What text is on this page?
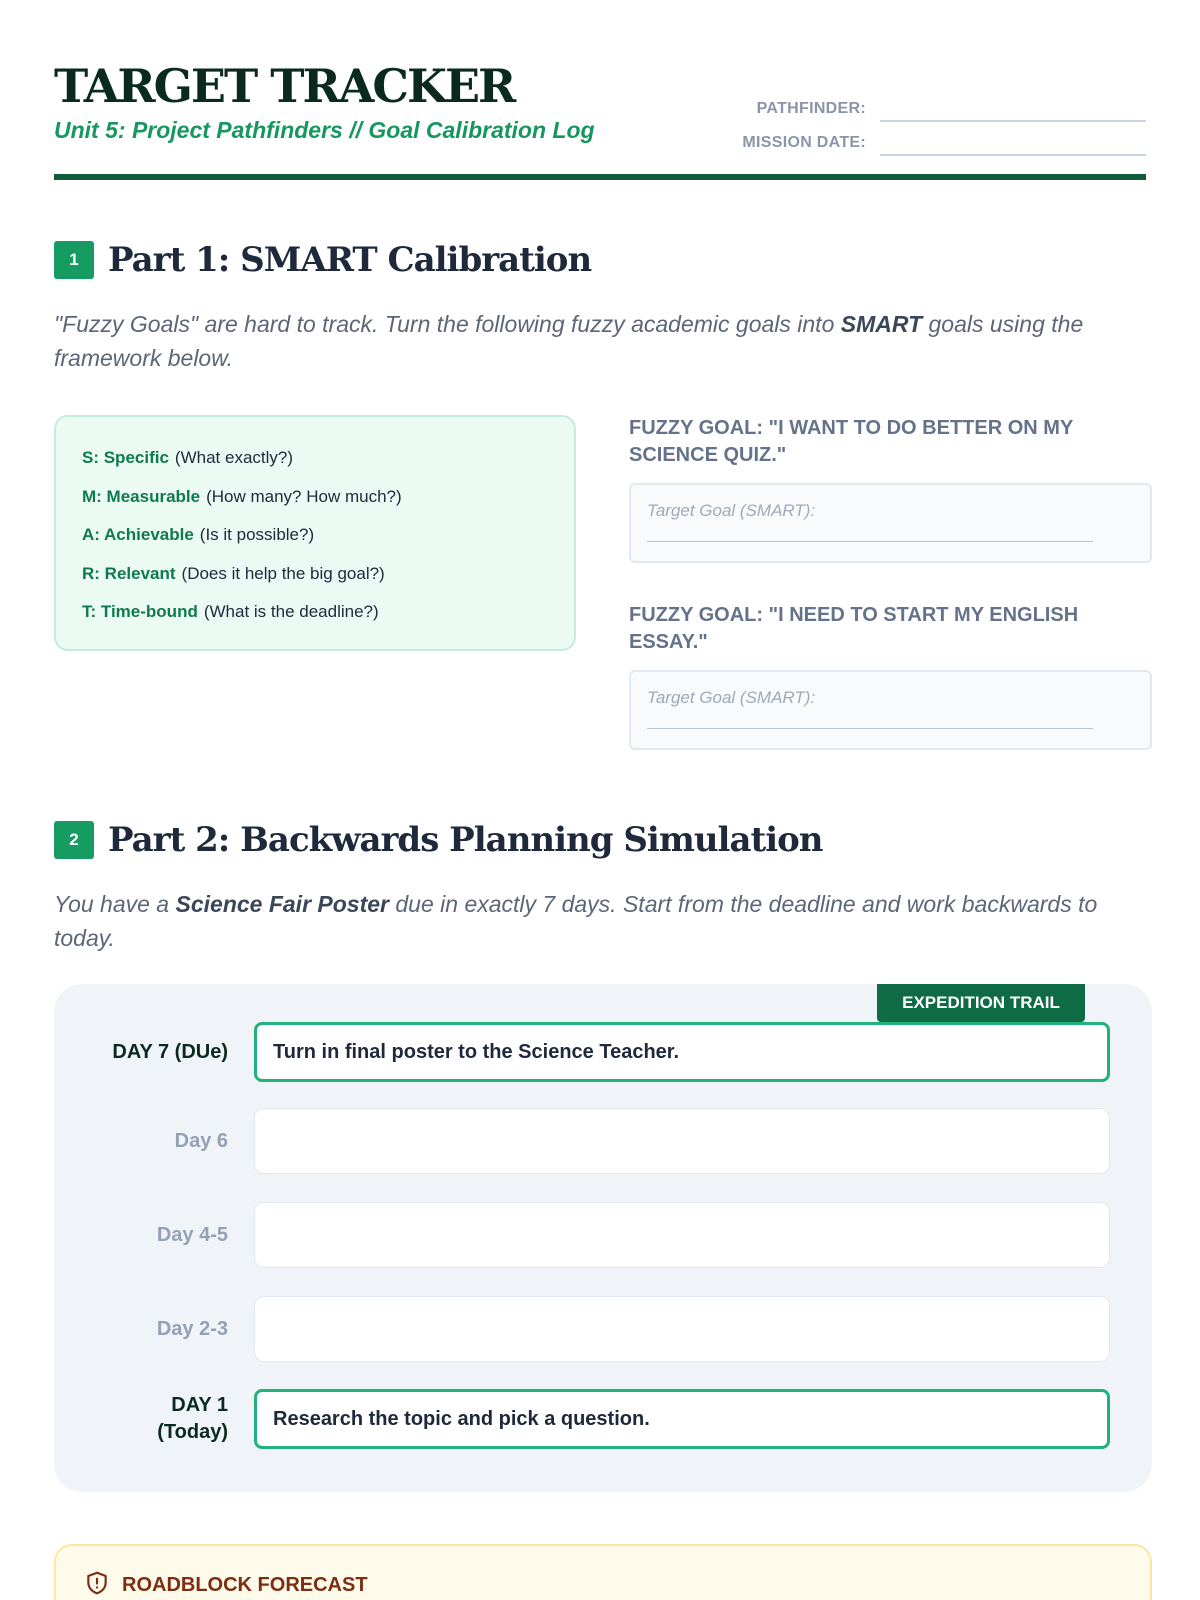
TARGET TRACKER
Unit 5: Project Pathfinders // Goal Calibration Log
PATHFINDER:
MISSION DATE:
1 Part 1: SMART Calibration

"Fuzzy Goals" are hard to track. Turn the following fuzzy academic goals into SMART goals using the framework below.

S: Specific (What exactly?)
M: Measurable (How many? How much?)
A: Achievable (Is it possible?)
R: Relevant (Does it help the big goal?)
T: Time-bound (What is the deadline?)
FUZZY GOAL: "I WANT TO DO BETTER ON MY SCIENCE QUIZ."
Target Goal (SMART):
FUZZY GOAL: "I NEED TO START MY ENGLISH ESSAY."
Target Goal (SMART):
2 Part 2: Backwards Planning Simulation

You have a Science Fair Poster due in exactly 7 days. Start from the deadline and work backwards to today.

EXPEDITION TRAIL
DAY 7 (DUe)	Turn in final poster to the Science Teacher.
Day 6
Day 4-5
Day 2-3
DAY 1 (Today)
Research the topic and pick a question.
ROADBLOCK FORECAST
